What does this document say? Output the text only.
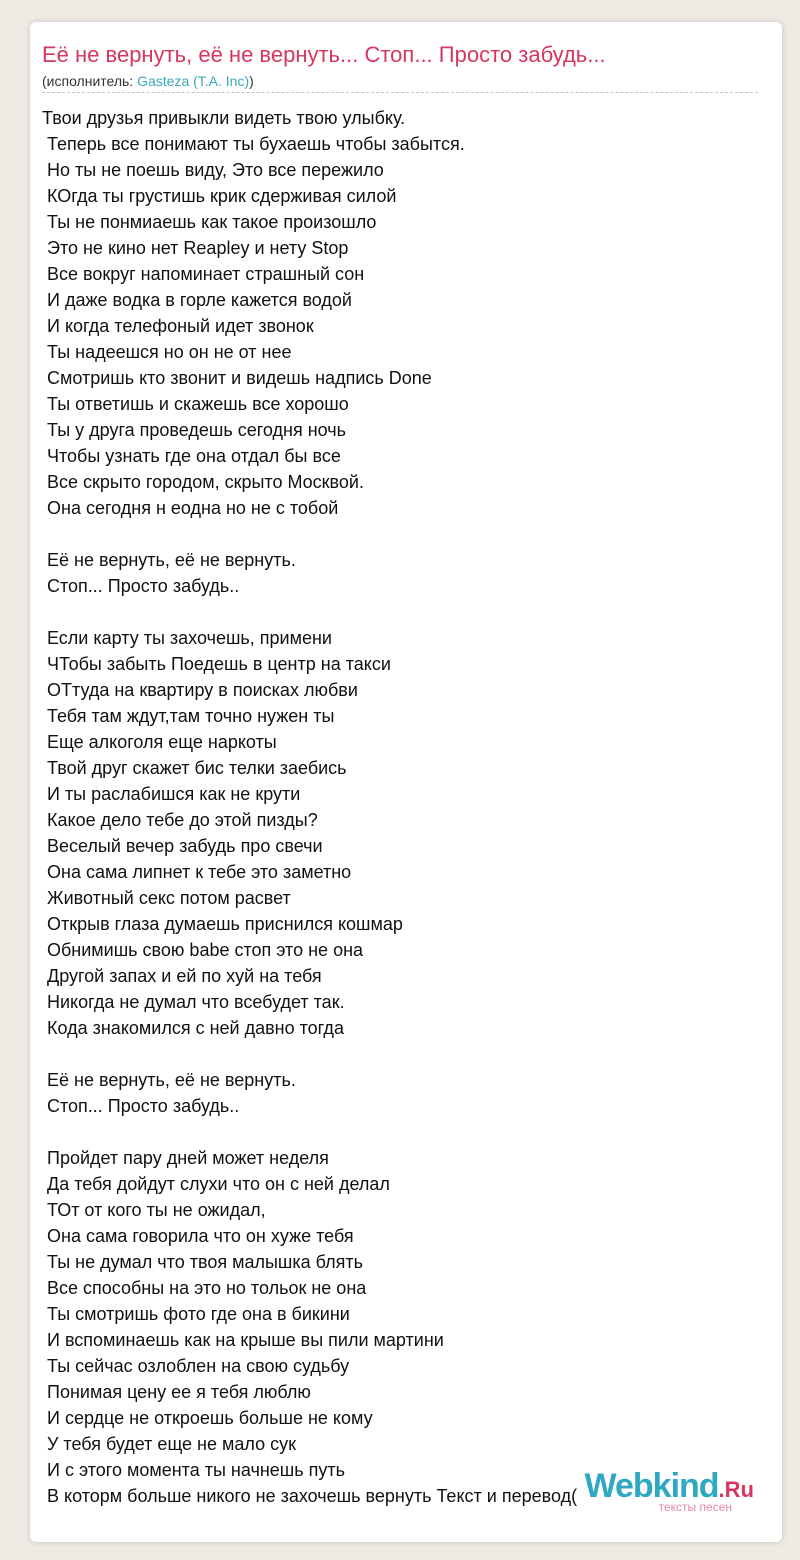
Её не вернуть, её не вернуть... Стоп... Просто забудь...
(исполнитель: Gasteza (T.A. Inc))
Твои друзья привыкли видеть твою улыбку.
Теперь все понимают ты бухаешь чтобы забытся.
Но ты не поешь виду, Это все пережило
КОгда ты грустишь крик сдерживая силой
Ты не понмиаешь как такое произошло
Это не кино нет Reapley и нету Stop
Все вокруг напоминает страшный сон
И даже водка в горле кажется водой
И когда телефоный идет звонок
Ты надеешся но он не от нее
Смотришь кто звонит и видешь надпись Done
Ты ответишь и скажешь все хорошо
Ты у друга проведешь сегодня ночь
Чтобы узнать где она отдал бы все
Все скрыто городом, скрыто Москвой.
Она сегодня н еодна но не с тобой

Её не вернуть, её не вернуть.
Стоп... Просто забудь..

Если карту ты захочешь, примени
ЧТобы забыть Поедешь в центр на такси
ОТтуда на квартиру в поисках любви
Тебя там ждут,там точно нужен ты
Еще алкоголя еще наркоты
Твой друг скажет бис телки заебись
И ты раслабишся как не крути
Какое дело тебе до этой пизды?
Веселый вечер забудь про свечи
Она сама липнет к тебе это заметно
Животный секс потом расвет
Открыв глаза думаешь приснился кошмар
Обнимишь свою babe стоп это не она
Другой запах и ей по хуй на тебя
Никогда не думал что всебудет так.
Кода знакомился с ней давно тогда

Её не вернуть, её не вернуть.
Стоп... Просто забудь..

Пройдет пару дней может неделя
Да тебя дойдут слухи что он с ней делал
ТОт от кого ты не ожидал,
Она сама говорила что он хуже тебя
Ты не думал что твоя малышка блять
Все способны на это но тольок не она
Ты смотришь фото где она в бикини
И вспоминаешь как на крыше вы пили мартини
Ты сейчас озлоблен на свою судьбу
Понимая цену ее я тебя люблю
И сердце не откроешь больше не кому
У тебя будет еще не мало сук
И с этого момента ты начнешь путь
В которм больше никого не захочешь вернуть Текст и перевод( Webkind.Ru
тексты песен
